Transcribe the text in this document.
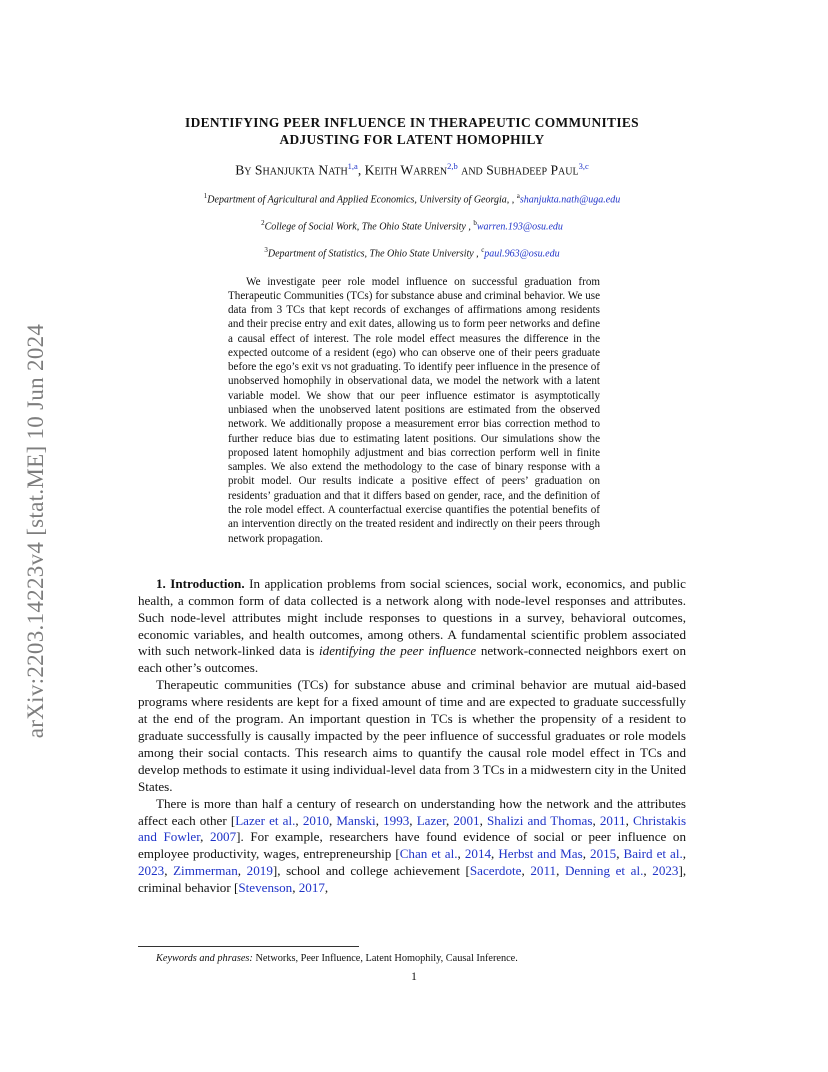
arXiv:2203.14223v4 [stat.ME] 10 Jun 2024
IDENTIFYING PEER INFLUENCE IN THERAPEUTIC COMMUNITIES
ADJUSTING FOR LATENT HOMOPHILY
By Shanjukta Nath$^{1,a}$, Keith Warren$^{2,b}$ and Subhadeep Paul$^{3,c}$
$^1$Department of Agricultural and Applied Economics, University of Georgia, , $^a$shanjukta.nath@uga.edu
$^2$College of Social Work, The Ohio State University , $^b$warren.193@osu.edu
$^3$Department of Statistics, The Ohio State University , $^c$paul.963@osu.edu

We investigate peer role model influence on successful graduation from Therapeutic Communities (TCs) for substance abuse and criminal behavior. We use data from 3 TCs that kept records of exchanges of affirmations among residents and their precise entry and exit dates, allowing us to form peer networks and define a causal effect of interest. The role model effect measures the difference in the expected outcome of a resident (ego) who can observe one of their peers graduate before the ego’s exit vs not graduating. To identify peer influence in the presence of unobserved homophily in observational data, we model the network with a latent variable model. We show that our peer influence estimator is asymptotically unbiased when the unobserved latent positions are estimated from the observed network. We additionally propose a measurement error bias correction method to further reduce bias due to estimating latent positions. Our simulations show the proposed latent homophily adjustment and bias correction perform well in finite samples. We also extend the methodology to the case of binary response with a probit model. Our results indicate a positive effect of peers’ graduation on residents’ graduation and that it differs based on gender, race, and the definition of the role model effect. A counterfactual exercise quantifies the potential benefits of an intervention directly on the treated resident and indirectly on their peers through network propagation.

1. Introduction. In application problems from social sciences, social work, economics, and public health, a common form of data collected is a network along with node-level responses and attributes. Such node-level attributes might include responses to questions in a survey, behavioral outcomes, economic variables, and health outcomes, among others. A fundamental scientific problem associated with such network-linked data is identifying the peer influence network-connected neighbors exert on each other’s outcomes.

Therapeutic communities (TCs) for substance abuse and criminal behavior are mutual aid-based programs where residents are kept for a fixed amount of time and are expected to graduate successfully at the end of the program. An important question in TCs is whether the propensity of a resident to graduate successfully is causally impacted by the peer influence of successful graduates or role models among their social contacts. This research aims to quantify the causal role model effect in TCs and develop methods to estimate it using individual-level data from 3 TCs in a midwestern city in the United States.

There is more than half a century of research on understanding how the network and the attributes affect each other [Lazer et al., 2010, Manski, 1993, Lazer, 2001, Shalizi and Thomas, 2011, Christakis and Fowler, 2007]. For example, researchers have found evidence of social or peer influence on employee productivity, wages, entrepreneurship [Chan et al., 2014, Herbst and Mas, 2015, Baird et al., 2023, Zimmerman, 2019], school and college achievement [Sacerdote, 2011, Denning et al., 2023], criminal behavior [Stevenson, 2017,

Keywords and phrases: Networks, Peer Influence, Latent Homophily, Causal Inference.
1
